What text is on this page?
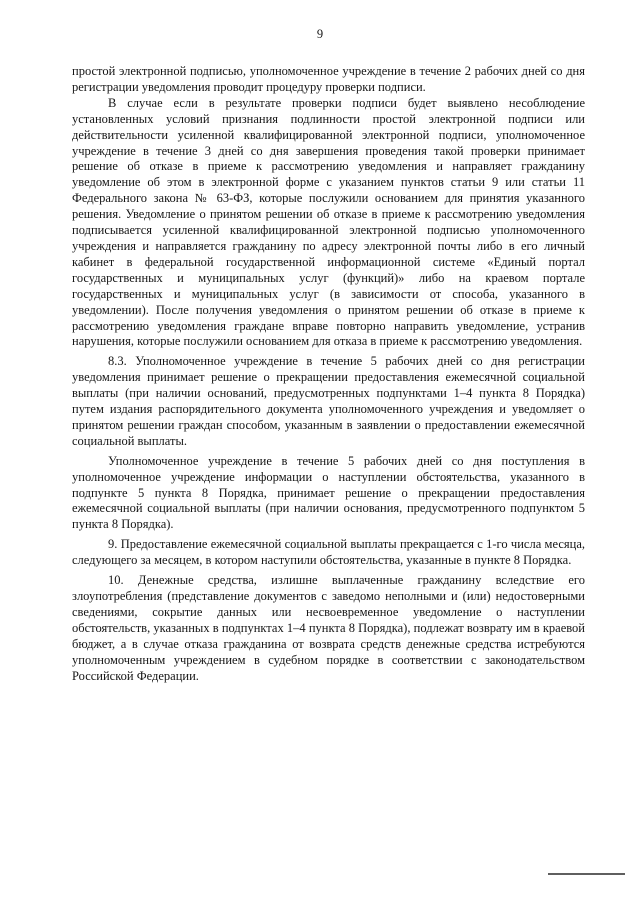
9

простой электронной подписью, уполномоченное учреждение в течение 2 рабочих дней со дня регистрации уведомления проводит процедуру проверки подписи.

В случае если в результате проверки подписи будет выявлено несоблюдение установленных условий признания подлинности простой электронной подписи или действительности усиленной квалифицированной электронной подписи, уполномоченное учреждение в течение 3 дней со дня завершения проведения такой проверки принимает решение об отказе в приеме к рассмотрению уведомления и направляет гражданину уведомление об этом в электронной форме с указанием пунктов статьи 9 или статьи 11 Федерального закона № 63-ФЗ, которые послужили основанием для принятия указанного решения. Уведомление о принятом решении об отказе в приеме к рассмотрению уведомления подписывается усиленной квалифицированной электронной подписью уполномоченного учреждения и направляется гражданину по адресу электронной почты либо в его личный кабинет в федеральной государственной информационной системе «Единый портал государственных и муниципальных услуг (функций)» либо на краевом портале государственных и муниципальных услуг (в зависимости от способа, указанного в уведомлении). После получения уведомления о принятом решении об отказе в приеме к рассмотрению уведомления граждане вправе повторно направить уведомление, устранив нарушения, которые послужили основанием для отказа в приеме к рассмотрению уведомления.

8.3. Уполномоченное учреждение в течение 5 рабочих дней со дня регистрации уведомления принимает решение о прекращении предоставления ежемесячной социальной выплаты (при наличии оснований, предусмотренных подпунктами 1–4 пункта 8 Порядка) путем издания распорядительного документа уполномоченного учреждения и уведомляет о принятом решении граждан способом, указанным в заявлении о предоставлении ежемесячной социальной выплаты.

Уполномоченное учреждение в течение 5 рабочих дней со дня поступления в уполномоченное учреждение информации о наступлении обстоятельства, указанного в подпункте 5 пункта 8 Порядка, принимает решение о прекращении предоставления ежемесячной социальной выплаты (при наличии основания, предусмотренного подпунктом 5 пункта 8 Порядка).

9. Предоставление ежемесячной социальной выплаты прекращается с 1-го числа месяца, следующего за месяцем, в котором наступили обстоятельства, указанные в пункте 8 Порядка.

10. Денежные средства, излишне выплаченные гражданину вследствие его злоупотребления (представление документов с заведомо неполными и (или) недостоверными сведениями, сокрытие данных или несвоевременное уведомление о наступлении обстоятельств, указанных в подпунктах 1–4 пункта 8 Порядка), подлежат возврату им в краевой бюджет, а в случае отказа гражданина от возврата средств денежные средства истребуются уполномоченным учреждением в судебном порядке в соответствии с законодательством Российской Федерации.
